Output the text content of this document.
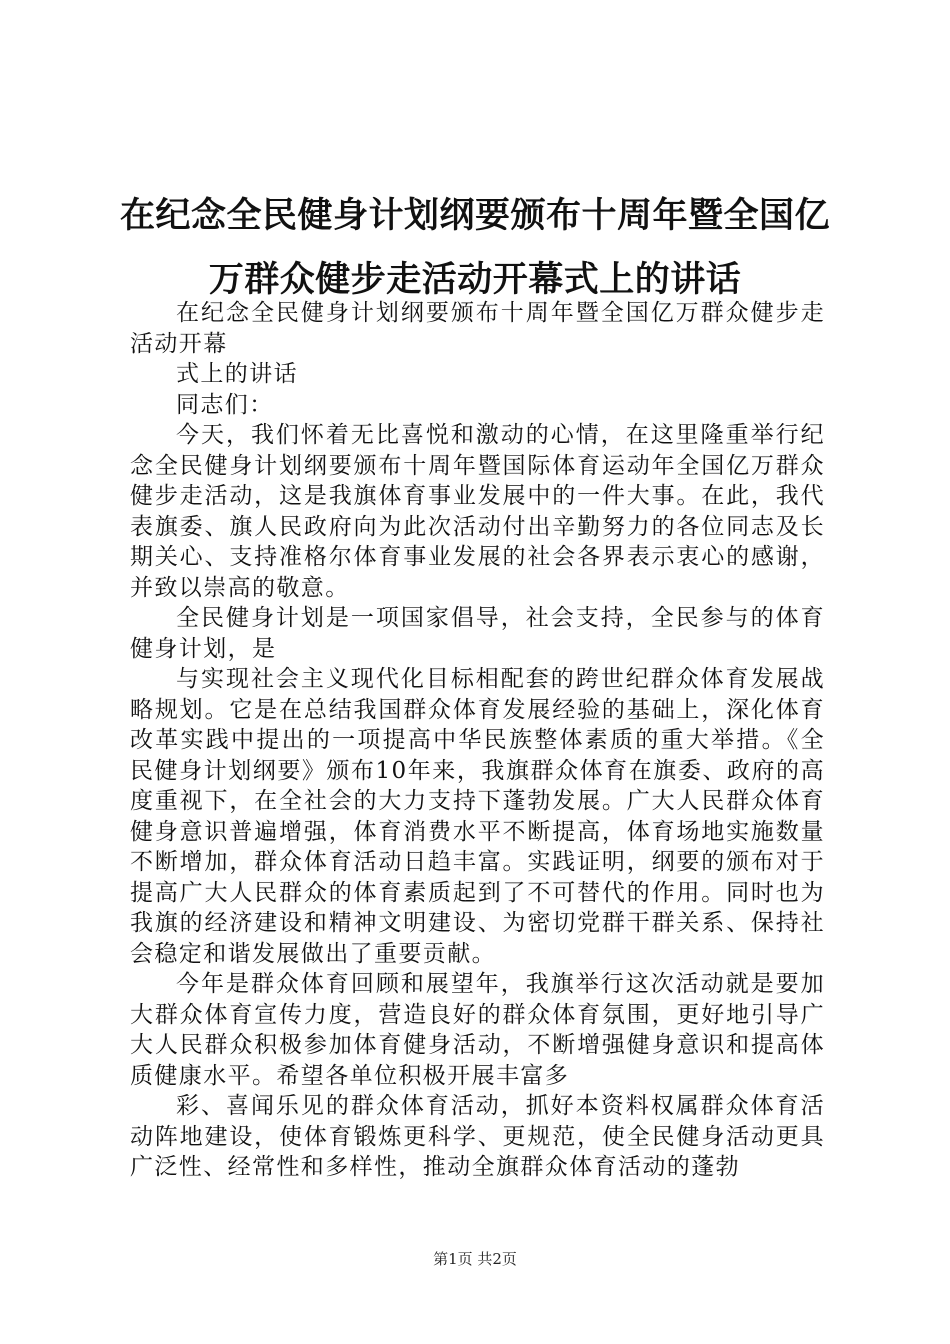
在纪念全民健身计划纲要颁布十周年暨全国亿
万群众健步走活动开幕式上的讲话

在纪念全民健身计划纲要颁布十周年暨全国亿万群众健步走活动开幕

式上的讲话

同志们：

今天，我们怀着无比喜悦和激动的心情，在这里隆重举行纪念全民健身计划纲要颁布十周年暨国际体育运动年全国亿万群众健步走活动，这是我旗体育事业发展中的一件大事。在此，我代表旗委、旗人民政府向为此次活动付出辛勤努力的各位同志及长期关心、支持准格尔体育事业发展的社会各界表示衷心的感谢，并致以崇高的敬意。

全民健身计划是一项国家倡导，社会支持，全民参与的体育健身计划，是

与实现社会主义现代化目标相配套的跨世纪群众体育发展战略规划。它是在总结我国群众体育发展经验的基础上，深化体育改革实践中提出的一项提高中华民族整体素质的重大举措。《全民健身计划纲要》颁布10年来，我旗群众体育在旗委、政府的高度重视下，在全社会的大力支持下蓬勃发展。广大人民群众体育健身意识普遍增强，体育消费水平不断提高，体育场地实施数量不断增加，群众体育活动日趋丰富。实践证明，纲要的颁布对于提高广大人民群众的体育素质起到了不可替代的作用。同时也为我旗的经济建设和精神文明建设、为密切党群干群关系、保持社会稳定和谐发展做出了重要贡献。

今年是群众体育回顾和展望年，我旗举行这次活动就是要加大群众体育宣传力度，营造良好的群众体育氛围，更好地引导广大人民群众积极参加体育健身活动，不断增强健身意识和提高体质健康水平。希望各单位积极开展丰富多

彩、喜闻乐见的群众体育活动，抓好本资料权属群众体育活动阵地建设，使体育锻炼更科学、更规范，使全民健身活动更具广泛性、经常性和多样性，推动全旗群众体育活动的蓬勃

第1页 共2页
